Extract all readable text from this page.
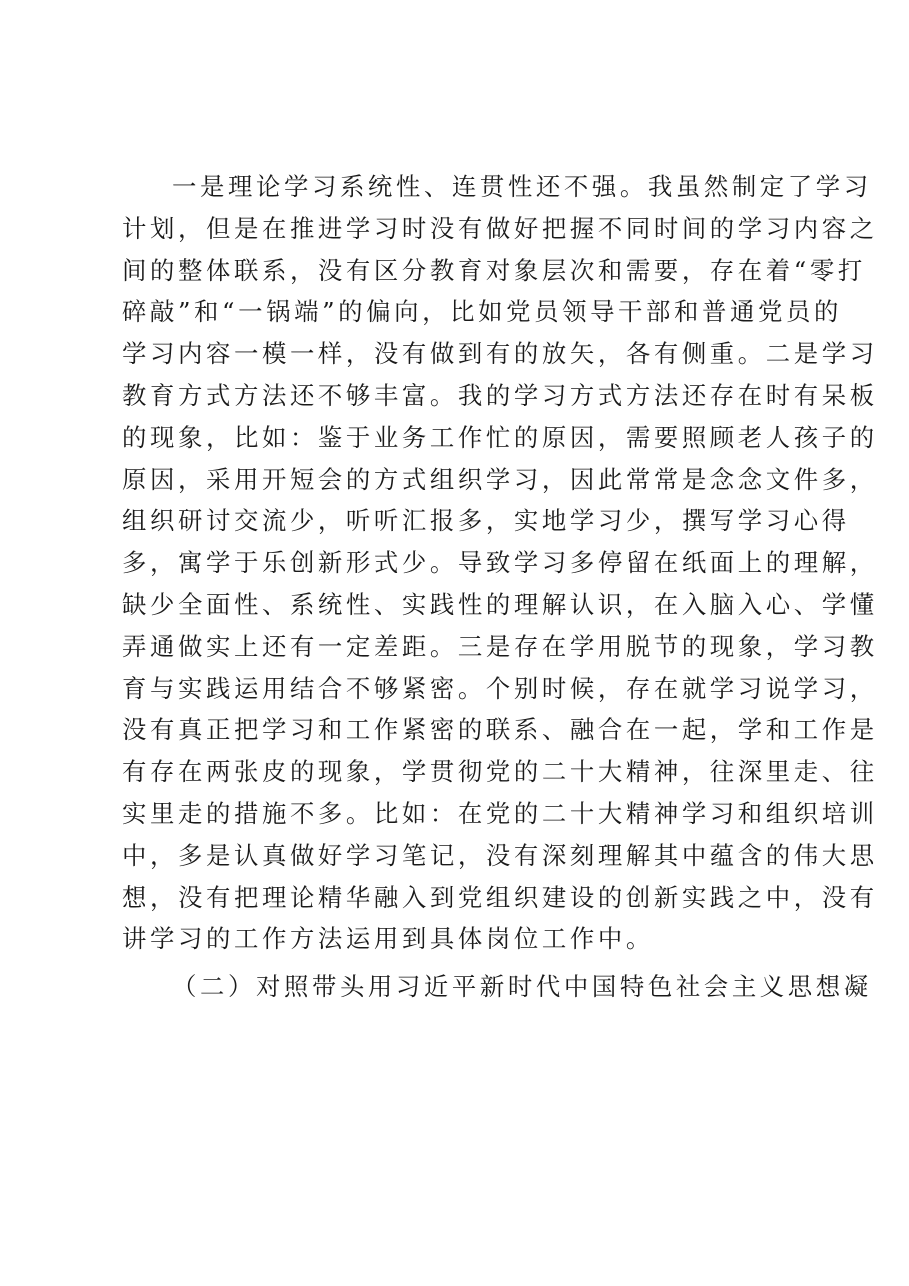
一是理论学习系统性、连贯性还不强。我虽然制定了学习
计划，但是在推进学习时没有做好把握不同时间的学习内容之
间的整体联系，没有区分教育对象层次和需要，存在着“零打
碎敲”和“一锅端”的偏向，比如党员领导干部和普通党员的
学习内容一模一样，没有做到有的放矢，各有侧重。二是学习
教育方式方法还不够丰富。我的学习方式方法还存在时有呆板
的现象，比如：鉴于业务工作忙的原因，需要照顾老人孩子的
原因，采用开短会的方式组织学习，因此常常是念念文件多，
组织研讨交流少，听听汇报多，实地学习少，撰写学习心得
多，寓学于乐创新形式少。导致学习多停留在纸面上的理解，
缺少全面性、系统性、实践性的理解认识，在入脑入心、学懂
弄通做实上还有一定差距。三是存在学用脱节的现象，学习教
育与实践运用结合不够紧密。个别时候，存在就学习说学习，
没有真正把学习和工作紧密的联系、融合在一起，学和工作是
有存在两张皮的现象，学贯彻党的二十大精神，往深里走、往
实里走的措施不多。比如：在党的二十大精神学习和组织培训
中，多是认真做好学习笔记，没有深刻理解其中蕴含的伟大思
想，没有把理论精华融入到党组织建设的创新实践之中，没有
讲学习的工作方法运用到具体岗位工作中。
（二）对照带头用习近平新时代中国特色社会主义思想凝
